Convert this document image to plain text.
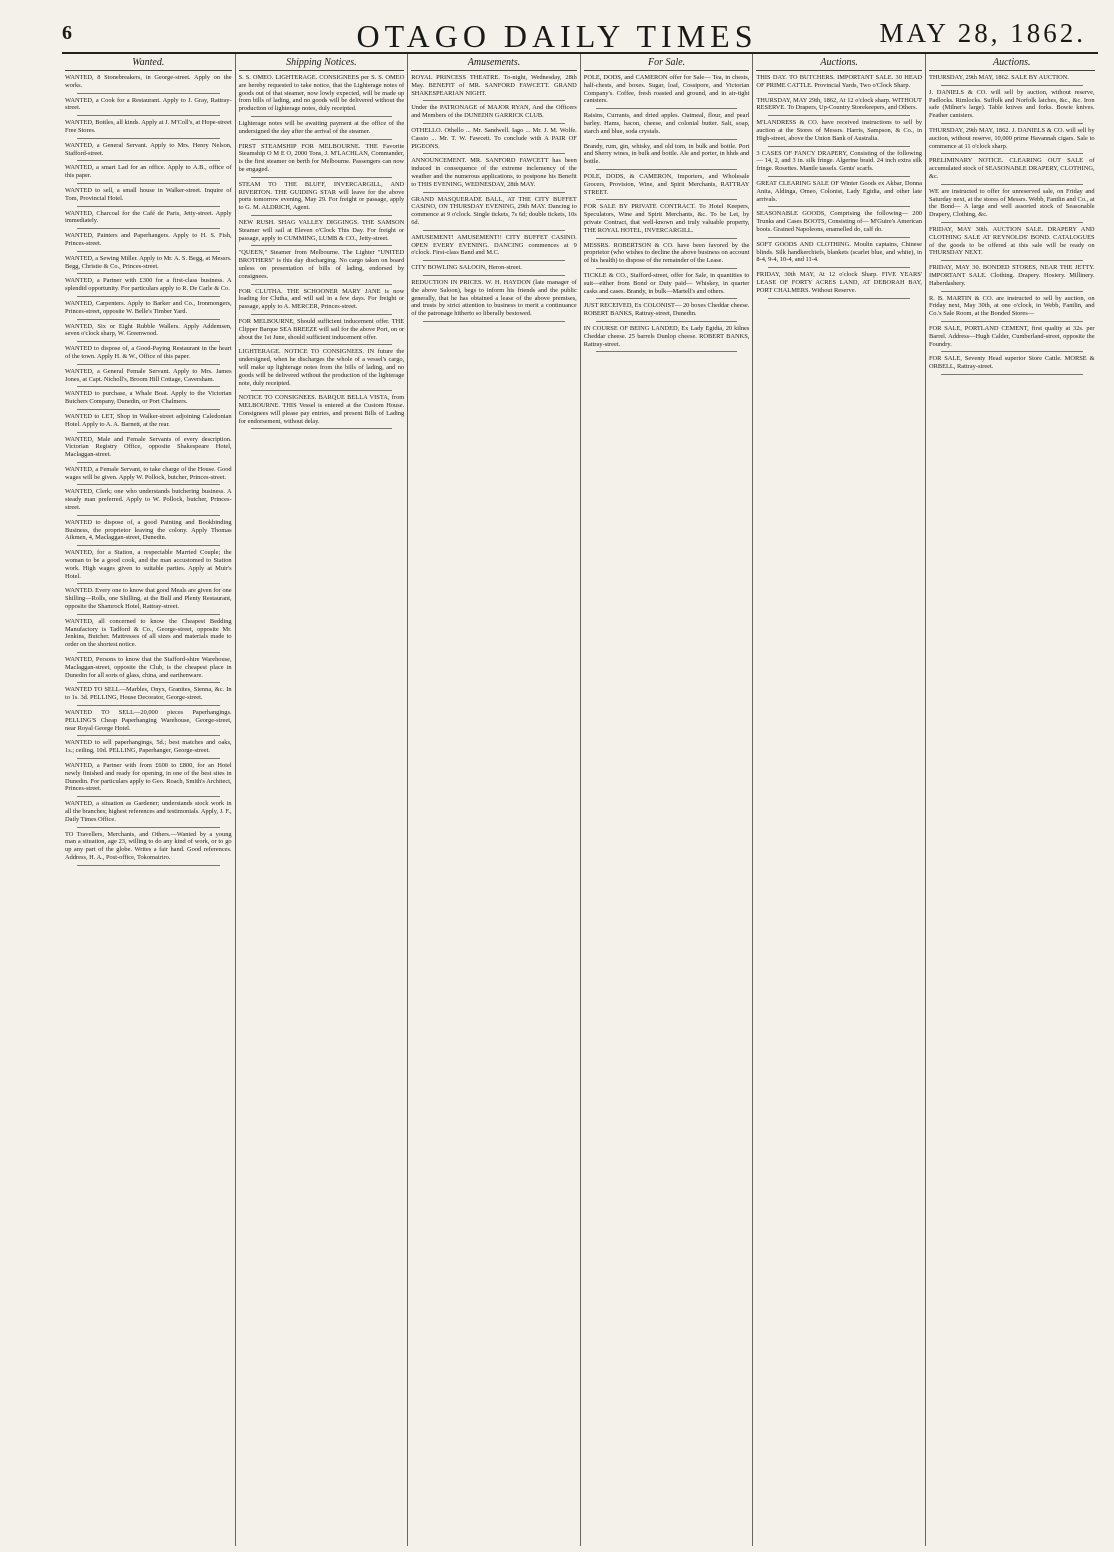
6	OTAGO DAILY TIMES	MAY 28, 1862.
Wanted.

WANTED, 8 Stonebreakers, in George-street. Apply on the works.

WANTED, a Cook for a Restaurant. Apply to J. Gray, Rattray-street.

WANTED, Bottles, all kinds. Apply at J. M'Coll's, at Hope-street Free Stores.

WANTED, a General Servant. Apply to Mrs. Henry Nelson, Stafford-street.

WANTED, a smart Lad for an office. Apply to A.B., office of this paper.

WANTED to sell, a small house in Walker-street. Inquire of Tom, Provincial Hotel.

WANTED, Charcoal for the Café de Paris, Jetty-street. Apply immediately.

WANTED, Painters and Paperhangers. Apply to H. S. Fish, Princes-street.

WANTED, a Sewing Miller. Apply to Mr. A. S. Begg, at Messrs. Begg, Christie & Co., Princes-street.

WANTED, a Partner with £300 for a first-class business. A splendid opportunity. For particulars apply to R. De Carle & Co.

WANTED, Carpenters. Apply to Barker and Co., Ironmongers, Princes-street, opposite W. Belle's Timber Yard.

WANTED, Six or Eight Rubble Wallers. Apply Addemsen, seven o'clock sharp, W. Greenwood.

WANTED to dispose of, a Good-Paying Restaurant in the heart of the town. Apply H. & W., Office of this paper.

WANTED, a General Female Servant. Apply to Mrs. James Jones, at Capt. Nicholl's, Broom Hill Cottage, Caversham.

WANTED to purchase, a Whale Boat. Apply to the Victorian Butchers Company, Dunedin, or Port Chalmers.

WANTED to LET, Shop in Walker-street adjoining Caledonian Hotel. Apply to A. A. Barnett, at the rear.

WANTED, Male and Female Servants of every description. Victorian Registry Office, opposite Shakespeare Hotel, Maclaggan-street.

WANTED, a Female Servant, to take charge of the House. Good wages will be given. Apply W. Pollock, butcher, Princes-street.

WANTED, Clerk; one who understands butchering business. A steady man preferred. Apply to W. Pollock, butcher, Princes-street.

WANTED to dispose of, a good Painting and Bookbinding Business, the proprietor leaving the colony. Apply Thomas Aikmen, 4, Maclaggan-street, Dunedin.

WANTED, for a Station, a respectable Married Couple; the woman to be a good cook, and the man accustomed to Station work. High wages given to suitable parties. Apply at Muir's Hotel.

WANTED. Every one to know that good Meals are given for one Shilling—Rolls, one Shilling, at the Bull and Plenty Restaurant, opposite the Shamrock Hotel, Rattray-street.

WANTED, all concerned to know the Cheapest Bedding Manufactory is Tadford & Co., George-street, opposite Mr. Jenkins, Butcher. Mattresses of all sizes and materials made to order on the shortest notice.

WANTED, Persons to know that the Stafford-shire Warehouse, Maclaggan-street, opposite the Club, is the cheapest place in Dunedin for all sorts of glass, china, and earthenware.

WANTED TO SELL—Marbles, Onyx, Granites, Sienna, &c. In to 1s. 3d. PELLING, House Decorator, George-street.

WANTED TO SELL—20,000 pieces Paperhangings. PELLING'S Cheap Paperhanging Warehouse, George-street, near Royal George Hotel.

WANTED to sell paperhangings, 5d.; best matches and oaks, 1s.; ceiling, 10d. PELLING, Paperhanger, George-street.

WANTED, a Partner with from £600 to £800, for an Hotel newly finished and ready for opening, in one of the best sites in Dunedin. For particulars apply to Geo. Roach, Smith's Architect, Princes-street.

WANTED, a situation as Gardener; understands stock work in all the branches; highest references and testimonials. Apply, J. F., Daily Times Office.

TO Travellers, Merchants, and Others.—Wanted by a young man a situation, age 23, willing to do any kind of work, or to go up any part of the globe. Writes a fair hand. Good references. Address, H. A., Post-office, Tokomairiro.

Shipping Notices.

S. S. OMEO. LIGHTERAGE. CONSIGNEES per S. S. OMEO are hereby requested to take notice, that the Lighterage notes of goods out of that steamer, now lowly expected, will be made up from bills of lading, and no goods will be delivered without the production of lighterage notes, duly receipted.

Lighterage notes will be awaiting payment at the office of the undersigned the day after the arrival of the steamer.

FIRST STEAMSHIP FOR MELBOURNE. THE Favorite Steamship O M E O, 2000 Tons, J. M'LACHLAN, Commander, is the first steamer on berth for Melbourne. Passengers can now be engaged.

STEAM TO THE BLUFF, INVERCARGILL, AND RIVERTON. THE GUIDING STAR will leave for the above ports tomorrow evening, May 29. For freight or passage, apply to G. M. ALDRICH, Agent.

NEW RUSH. SHAG VALLEY DIGGINGS. THE SAMSON Steamer will sail at Eleven o'Clock This Day. For freight or passage, apply to CUMMING, LUMB & CO., Jetty-street.

"QUEEN," Steamer from Melbourne. The Lighter "UNITED BROTHERS" is this day discharging. No cargo taken on board unless on presentation of bills of lading, endorsed by consignees.

FOR CLUTHA. THE SCHOONER MARY JANE is now loading for Clutha, and will sail in a few days. For freight or passage, apply to A. MERCER, Princes-street.

FOR MELBOURNE, Should sufficient inducement offer. THE Clipper Barque SEA BREEZE will sail for the above Port, on or about the 1st June, should sufficient inducement offer.

LIGHTERAGE. NOTICE TO CONSIGNEES. IN future the undersigned, when he discharges the whole of a vessel's cargo, will make up lighterage notes from the bills of lading, and no goods will be delivered without the production of the lighterage note, duly receipted.

NOTICE TO CONSIGNEES. BARQUE BELLA VISTA, from MELBOURNE. THIS Vessel is entered at the Custom House. Consignees will please pay entries, and present Bills of Lading for endorsement, without delay.

Amusements.

ROYAL PRINCESS THEATRE. To-night, Wednesday, 28th May. BENEFIT of MR. SANFORD FAWCETT. GRAND SHAKESPEARIAN NIGHT.

Under the PATRONAGE of MAJOR RYAN, And the Officers and Members of the DUNEDIN GARRICK CLUB.

OTHELLO. Othello ... Mr. Sandwell. Iago ... Mr. J. M. Wolfe. Cassio ... Mr. T. W. Fawcett. To conclude with A PAIR OF PIGEONS.

ANNOUNCEMENT. MR. SANFORD FAWCETT has been induced in consequence of the extreme inclemency of the weather and the numerous applications, to postpone his Benefit to THIS EVENING, WEDNESDAY, 28th MAY.

GRAND MASQUERADE BALL, AT THE CITY BUFFET CASINO, ON THURSDAY EVENING, 29th MAY. Dancing to commence at 9 o'clock. Single tickets, 7s 6d; double tickets, 10s 6d.

AMUSEMENT! AMUSEMENT!! CITY BUFFET CASINO. OPEN EVERY EVENING. DANCING commences at 9 o'clock. First-class Band and M.C.

CITY BOWLING SALOON, Heron-street.

REDUCTION IN PRICES. W. H. HAYDON (late manager of the above Saloon), begs to inform his friends and the public generally, that he has obtained a lease of the above premises, and trusts by strict attention to business to merit a continuance of the patronage hitherto so liberally bestowed.

For Sale.

POLE, DODS, and CAMERON offer for Sale— Tea, in chests, half-chests, and boxes. Sugar, loaf, Cossipore, and Victorian Company's. Coffee, fresh roasted and ground, and in air-tight canisters.

Raisins, Currants, and dried apples. Oatmeal, flour, and pearl barley. Hams, bacon, cheese, and colonial butter. Salt, soap, starch and blue, soda crystals.

Brandy, rum, gin, whisky, and old tom, in bulk and bottle. Port and Sherry wines, in bulk and bottle. Ale and porter, in hhds and bottle.

POLE, DODS, & CAMERON, Importers, and Wholesale Grocers, Provision, Wine, and Spirit Merchants, RATTRAY STREET.

FOR SALE BY PRIVATE CONTRACT. To Hotel Keepers, Speculators, Wine and Spirit Merchants, &c. To be Let, by private Contract, that well-known and truly valuable property, THE ROYAL HOTEL, INVERCARGILL.

MESSRS. ROBERTSON & CO. have been favored by the proprietor (who wishes to decline the above business on account of his health) to dispose of the remainder of the Lease.

TICKLE & CO., Stafford-street, offer for Sale, in quantities to suit—either from Bond or Duty paid— Whiskey, in quarter casks and cases. Brandy, in bulk—Martell's and others.

JUST RECEIVED, Ex COLONIST— 20 boxes Cheddar cheese. ROBERT BANKS, Rattray-street, Dunedin.

IN COURSE OF BEING LANDED, Ex Lady Egidia, 20 kilnes Cheddar cheese. 25 barrels Dunlop cheese. ROBERT BANKS, Rattray-street.

Auctions.

THIS DAY. TO BUTCHERS. IMPORTANT SALE. 30 HEAD OF PRIME CATTLE. Provincial Yards, Two o'Clock Sharp.

THURSDAY, MAY 29th, 1862, At 12 o'clock sharp. WITHOUT RESERVE. To Drapers, Up-Country Storekeepers, and Others.

M'LANDRESS & CO. have received instructions to sell by auction at the Stores of Messrs. Harris, Sampson, & Co., in High-street, above the Union Bank of Australia.

3 CASES OF FANCY DRAPERY, Consisting of the following— 14, 2, and 3 in. silk fringe. Algerine braid. 24 inch extra silk fringe. Rosettes. Mantle tassels. Gents' scarfs.

GREAT CLEARING SALE OF Winter Goods ex Akbar, Donna Anita, Aldinga, Omeo, Colonist, Lady Egidia, and other late arrivals.

SEASONABLE GOODS, Comprising the following— 200 Trunks and Cases BOOTS, Consisting of— M'Guire's American boots. Grained Napoleons, enamelled do, calf do.

SOFT GOODS AND CLOTHING. Moulin captains, Chinese blinds. Silk handkerchiefs, blankets (scarlet blue, and white), in 8-4, 9-4, 10-4, and 11-4.

FRIDAY, 30th MAY, At 12 o'clock Sharp. FIVE YEARS' LEASE OF FORTY ACRES LAND, AT DEBORAH BAY, PORT CHALMERS. Without Reserve.

Auctions.

THURSDAY, 29th MAY, 1862. SALE BY AUCTION.

J. DANIELS & CO. will sell by auction, without reserve, Padlocks. Rimlocks. Suffolk and Norfolk latches, &c., &c. Iron safe (Milner's large). Table knives and forks. Bowie knives. Feather canisters.

THURSDAY, 29th MAY, 1862. J. DANIELS & CO. will sell by auction, without reserve, 10,000 prime Havannah cigars. Sale to commence at 11 o'clock sharp.

PRELIMINARY NOTICE. CLEARING OUT SALE of accumulated stock of SEASONABLE DRAPERY, CLOTHING, &c.

WE are instructed to offer for unreserved sale, on Friday and Saturday next, at the stores of Messrs. Webb, Fantlin and Co., at the Bond— A large and well assorted stock of Seasonable Drapery, Clothing, &c.

FRIDAY, MAY 30th. AUCTION SALE. DRAPERY AND CLOTHING SALE AT REYNOLDS' BOND. CATALOGUES of the goods to be offered at this sale will be ready on THURSDAY NEXT.

FRIDAY, MAY 30. BONDED STORES, NEAR THE JETTY. IMPORTANT SALE. Clothing. Drapery. Hosiery. Millinery. Haberdashery.

R. B. MARTIN & CO. are instructed to sell by auction, on Friday next, May 30th, at one o'clock, in Webb, Fantlin, and Co.'s Sale Room, at the Bonded Stores—

FOR SALE, PORTLAND CEMENT, first quality at 32s. per Barrel. Address—Hugh Calder, Cumberland-street, opposite the Foundry.

FOR SALE, Seventy Head superior Store Cattle. MORSE & ORBELL, Rattray-street.
